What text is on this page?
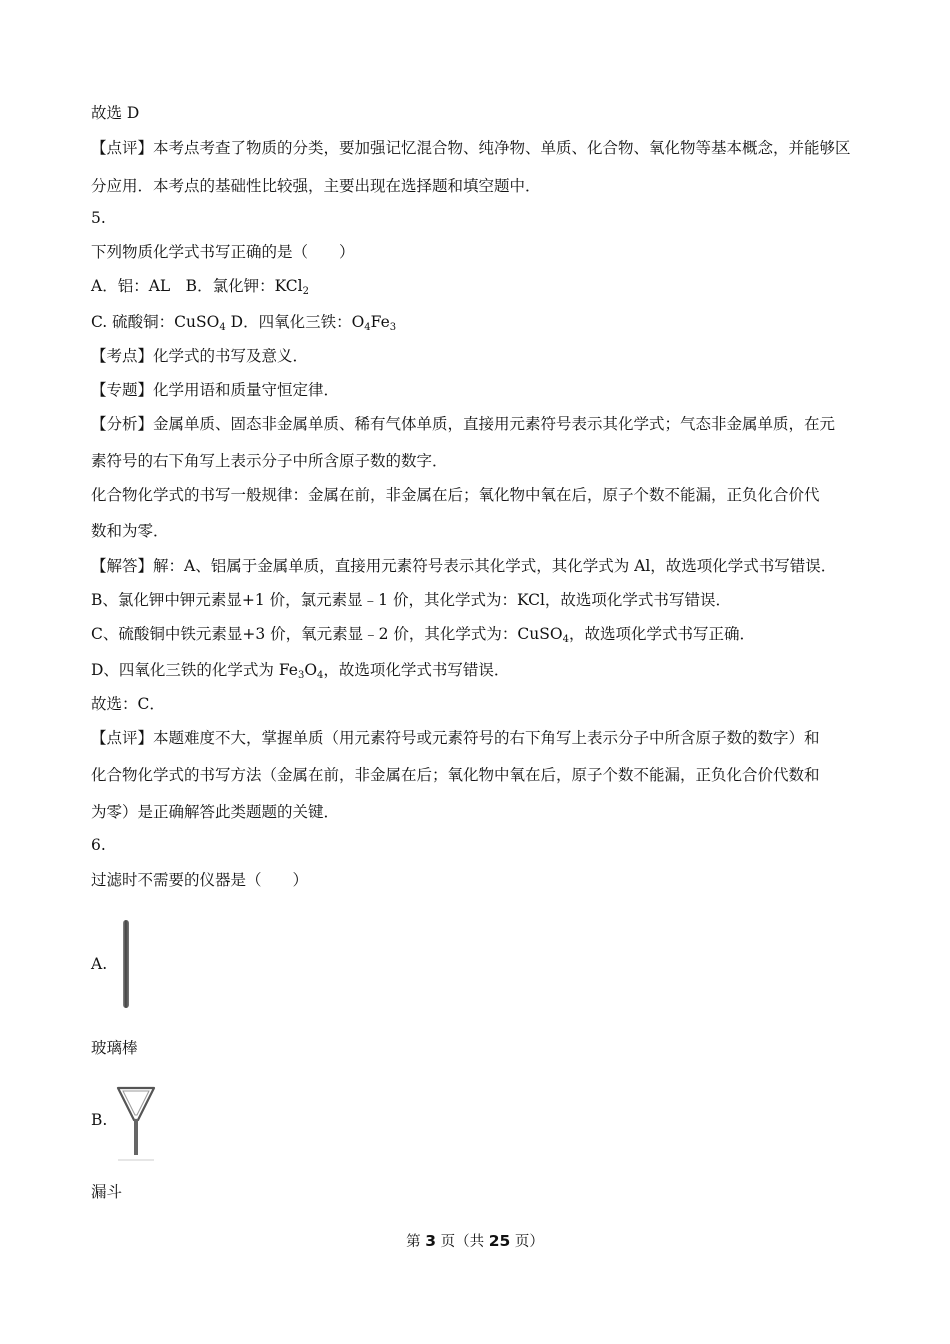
故选 D
【点评】本考点考查了物质的分类，要加强记忆混合物、纯净物、单质、化合物、氧化物等基本概念，并能够区
分应用．本考点的基础性比较强，主要出现在选择题和填空题中．
5.
下列物质化学式书写正确的是（　　）
A．铝：AL　B．氯化钾：KCl$_2$
C. 硫酸铜：CuSO$_4$ D．四氧化三铁：$O_4Fe_3$
【考点】化学式的书写及意义．
【专题】化学用语和质量守恒定律．
【分析】金属单质、固态非金属单质、稀有气体单质，直接用元素符号表示其化学式；气态非金属单质，在元
素符号的右下角写上表示分子中所含原子数的数字．
化合物化学式的书写一般规律：金属在前，非金属在后；氧化物中氧在后，原子个数不能漏，正负化合价代
数和为零．
【解答】解：A、铝属于金属单质，直接用元素符号表示其化学式，其化学式为 Al，故选项化学式书写错误．
B、氯化钾中钾元素显+1 价，氯元素显﹣1 价，其化学式为：KCl，故选项化学式书写错误．
C、硫酸铜中铁元素显+3 价，氧元素显﹣2 价，其化学式为：CuSO$_4$，故选项化学式书写正确．
D、四氧化三铁的化学式为 $Fe_3O_4$，故选项化学式书写错误．
故选：C．
【点评】本题难度不大，掌握单质（用元素符号或元素符号的右下角写上表示分子中所含原子数的数字）和
化合物化学式的书写方法（金属在前，非金属在后；氧化物中氧在后，原子个数不能漏，正负化合价代数和
为零）是正确解答此类题题的关键．
6.
过滤时不需要的仪器是（　　）
A.
玻璃棒
B.
漏斗
第 3 页（共 25 页）
